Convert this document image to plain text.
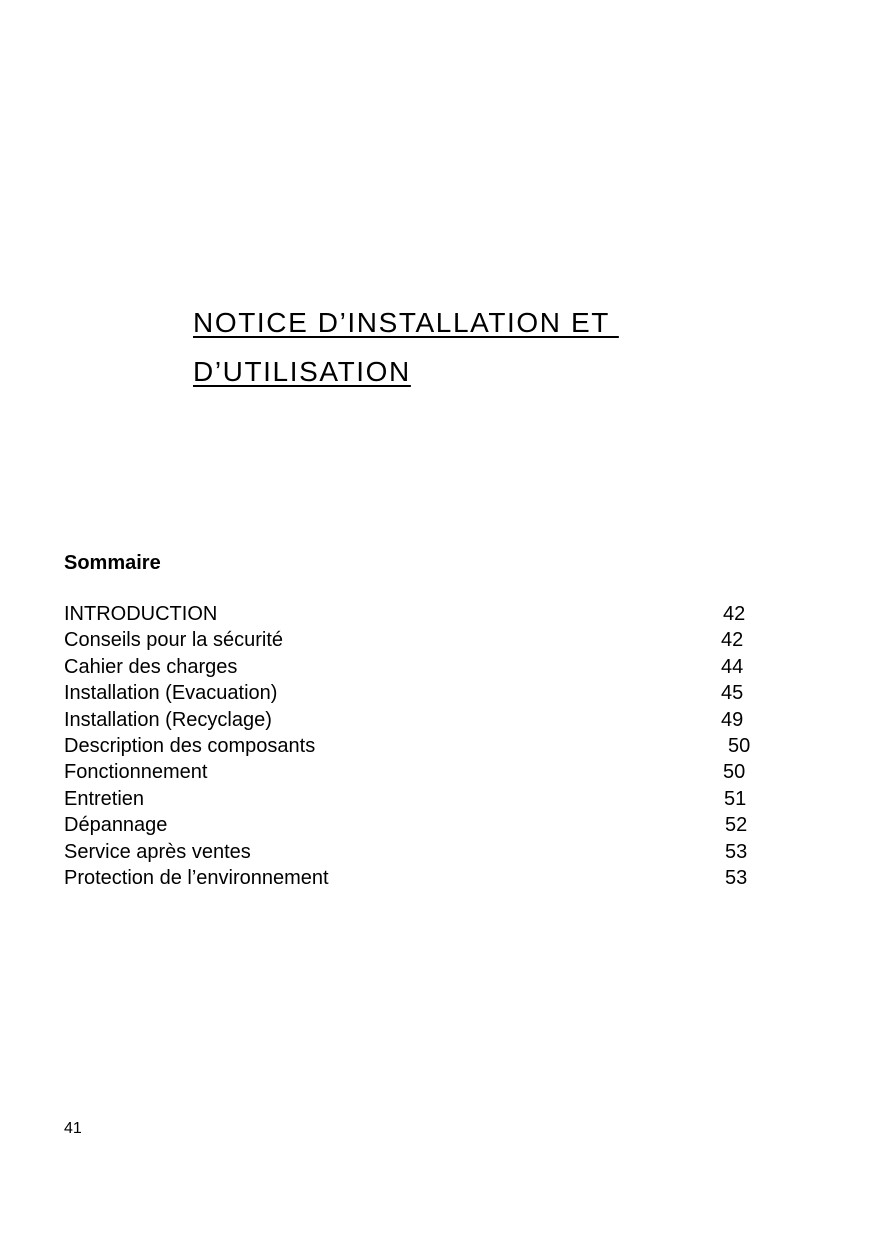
NOTICE D’INSTALLATION ET
D’UTILISATION
Sommaire
INTRODUCTION	42
Conseils pour la sécurité	42
Cahier des charges	44
Installation (Evacuation)	45
Installation (Recyclage)	49
Description des composants	50
Fonctionnement	50
Entretien	51
Dépannage	52
Service après ventes	53
Protection de l’environnement	53
41
